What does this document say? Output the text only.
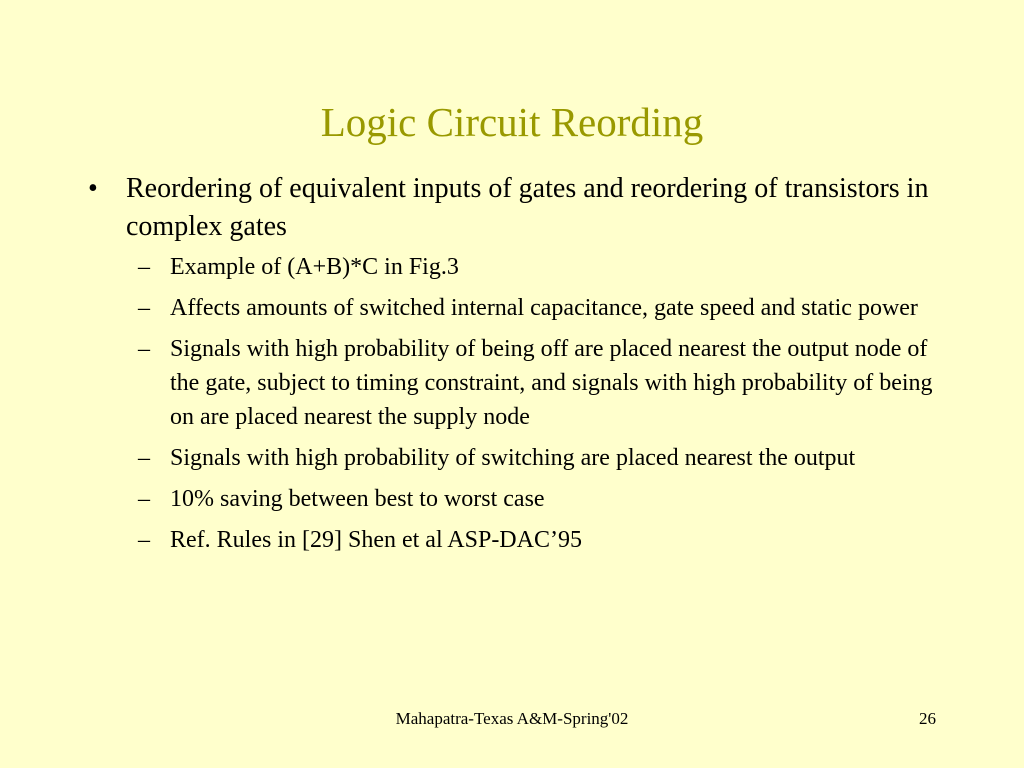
Logic Circuit Reording
• Reordering of equivalent inputs of gates and reordering of transistors in complex gates
– Example of (A+B)*C in Fig.3
– Affects amounts of switched internal capacitance, gate speed and static power
– Signals with high probability of being off are placed nearest the output node of the gate, subject to timing constraint, and signals with high probability of being on are placed nearest the supply node
– Signals with high probability of switching are placed nearest the output
– 10% saving between best to worst case
– Ref. Rules in [29] Shen et al ASP-DAC’95
Mahapatra-Texas A&M-Spring'02	26
